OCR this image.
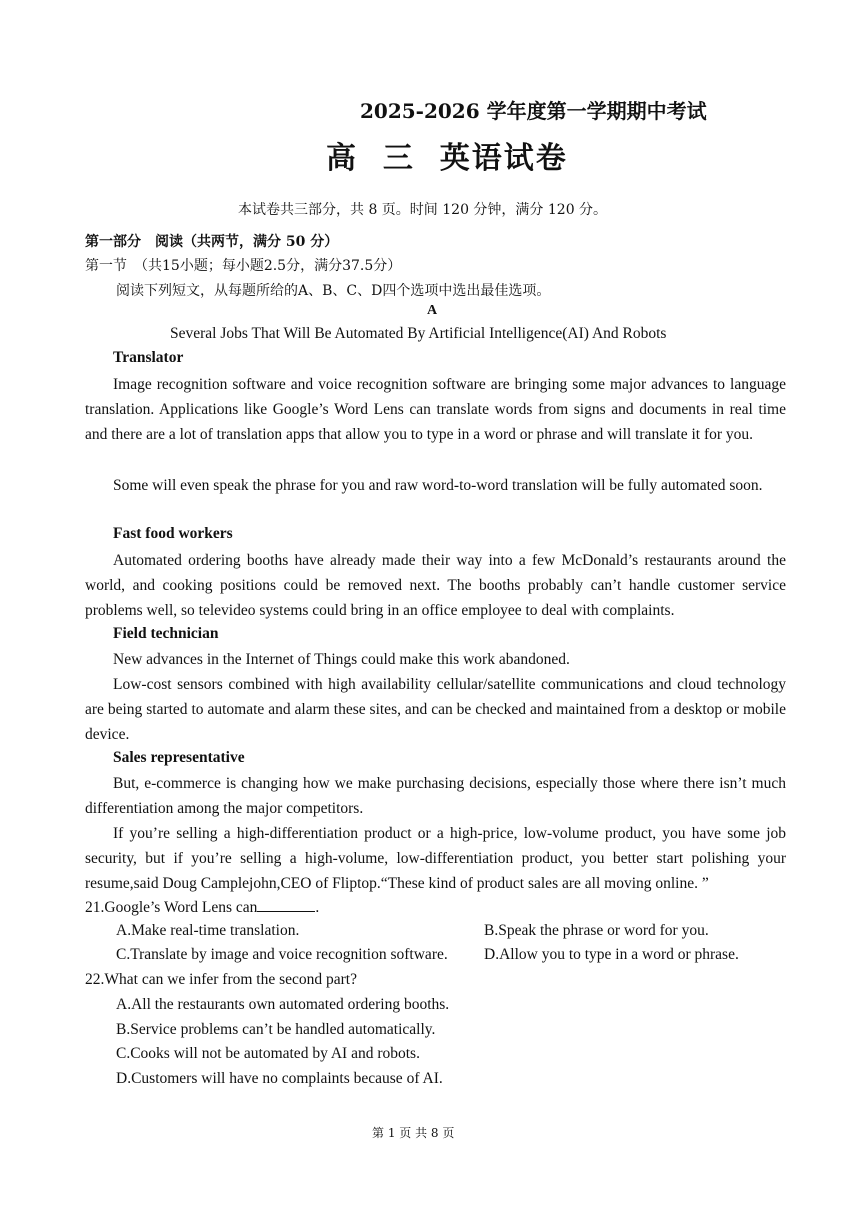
2025-2026 学年度第一学期期中考试
高 三 英语试卷
本试卷共三部分，共 8 页。时间 120 分钟，满分 120 分。
第一部分　阅读（共两节，满分 50 分）
第一节　（共15小题；每小题2.5分，满分37.5分）
阅读下列短文，从每题所给的A、B、C、D四个选项中选出最佳选项。
A
Several Jobs That Will Be Automated By Artificial Intelligence(AI) And Robots
Translator
Image recognition software and voice recognition software are bringing some major advances to language translation. Applications like Google’s Word Lens can translate words from signs and documents in real time and there are a lot of translation apps that allow you to type in a word or phrase and will translate it for you.
Some will even speak the phrase for you and raw word-to-word translation will be fully automated soon.
Fast food workers
Automated ordering booths have already made their way into a few McDonald’s restaurants around the world, and cooking positions could be removed next. The booths probably can’t handle customer service problems well, so televideo systems could bring in an office employee to deal with complaints.
Field technician
New advances in the Internet of Things could make this work abandoned.
Low-cost sensors combined with high availability cellular/satellite communications and cloud technology are being started to automate and alarm these sites, and can be checked and maintained from a desktop or mobile device.
Sales representative
But, e-commerce is changing how we make purchasing decisions, especially those where there isn’t much differentiation among the major competitors.
If you’re selling a high-differentiation product or a high-price, low-volume product, you have some job security, but if you’re selling a high-volume, low-differentiation product, you better start polishing your resume,said Doug Camplejohn,CEO of Fliptop.“These kind of product sales are all moving online. ”
21.Google’s Word Lens can	.
A.Make real-time translation.	B.Speak the phrase or word for you.
C.Translate by image and voice recognition software. D.Allow you to type in a word or phrase.
22.What can we infer from the second part?
A.All the restaurants own automated ordering booths.
B.Service problems can’t be handled automatically.
C.Cooks will not be automated by AI and robots.
D.Customers will have no complaints because of AI.
第 1 页 共 8 页
